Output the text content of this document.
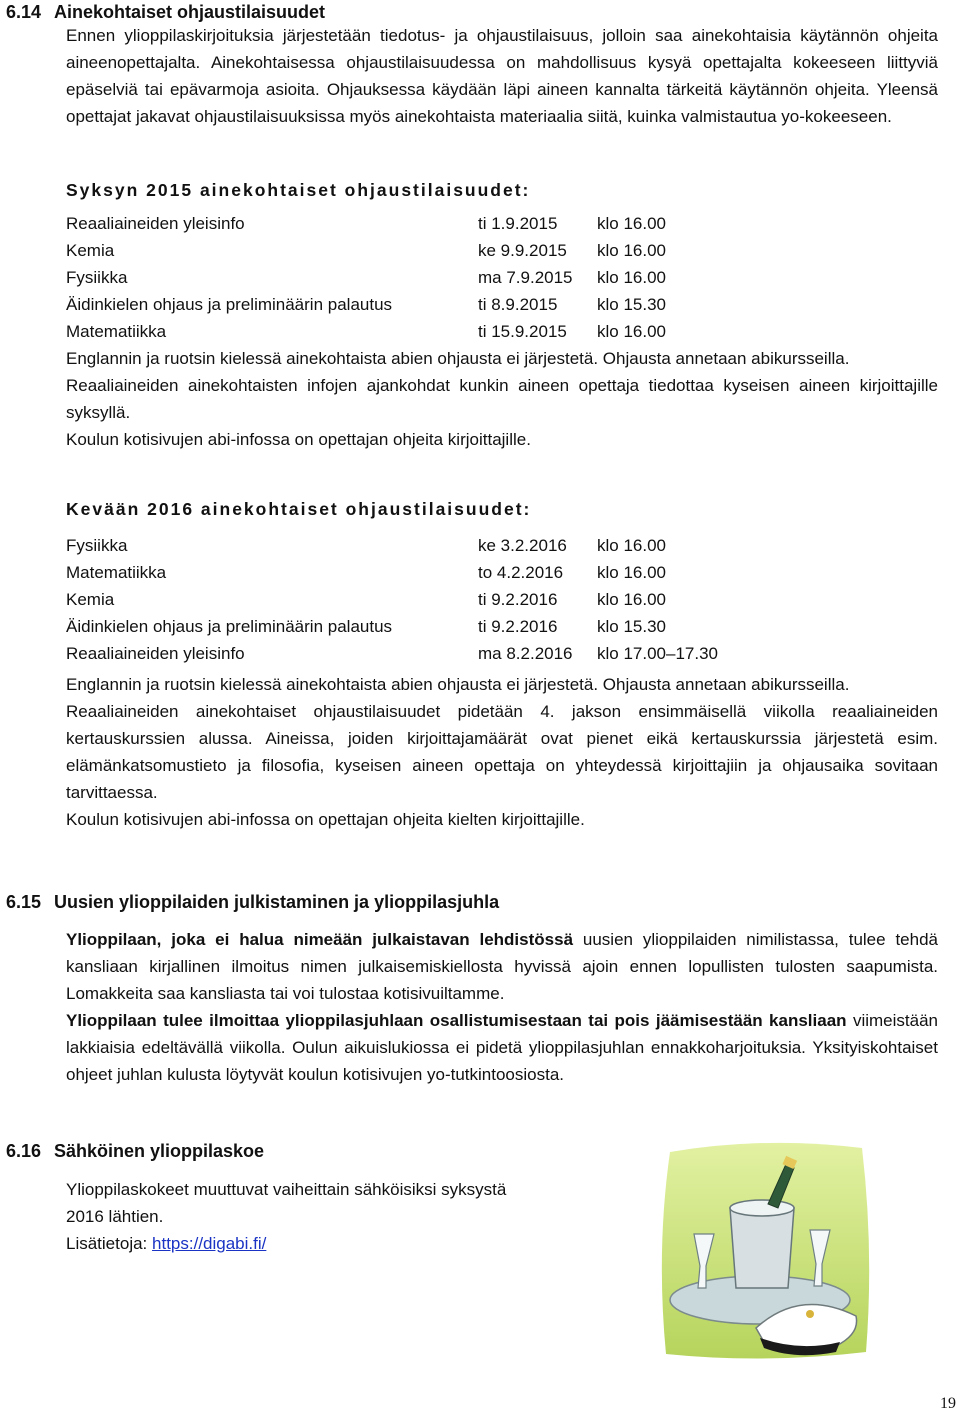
6.14 Ainekohtaiset ohjaustilaisuudet

Ennen ylioppilaskirjoituksia järjestetään tiedotus- ja ohjaustilaisuus, jolloin saa ainekohtaisia käytännön ohjeita aineenopettajalta. Ainekohtaisessa ohjaustilaisuudessa on mahdollisuus kysyä opettajalta kokeeseen liittyviä epäselviä tai epävarmoja asioita. Ohjauksessa käydään läpi aineen kannalta tärkeitä käytännön ohjeita. Yleensä opettajat jakavat ohjaustilaisuuksissa myös ainekohtaista materiaalia siitä, kuinka valmistautua yo-kokeeseen.

Syksyn 2015 ainekohtaiset ohjaustilaisuudet:
Reaaliaineiden yleisinfo	ti 1.9.2015 klo 16.00
Kemia	ke 9.9.2015 klo 16.00
Fysiikka	ma 7.9.2015 klo 16.00
Äidinkielen ohjaus ja preliminäärin palautus	ti 8.9.2015 klo 15.30
Matematiikka	ti 15.9.2015 klo 16.00

Englannin ja ruotsin kielessä ainekohtaista abien ohjausta ei järjestetä. Ohjausta annetaan abikursseilla.

Reaaliaineiden ainekohtaisten infojen ajankohdat kunkin aineen opettaja tiedottaa kyseisen aineen kirjoittajille syksyllä.

Koulun kotisivujen abi-infossa on opettajan ohjeita kirjoittajille.

Kevään 2016 ainekohtaiset ohjaustilaisuudet:
Fysiikka	ke 3.2.2016 klo 16.00
Matematiikka	to 4.2.2016 klo 16.00
Kemia	ti 9.2.2016 klo 16.00
Äidinkielen ohjaus ja preliminäärin palautus	ti 9.2.2016 klo 15.30
Reaaliaineiden yleisinfo	ma 8.2.2016 klo 17.00–17.30

Englannin ja ruotsin kielessä ainekohtaista abien ohjausta ei järjestetä. Ohjausta annetaan abikursseilla.

Reaaliaineiden ainekohtaiset ohjaustilaisuudet pidetään 4. jakson ensimmäisellä viikolla reaaliaineiden kertauskurssien alussa. Aineissa, joiden kirjoittajamäärät ovat pienet eikä kertauskurssia järjestetä esim. elämänkatsomustieto ja filosofia, kyseisen aineen opettaja on yhteydessä kirjoittajiin ja ohjausaika sovitaan tarvittaessa.

Koulun kotisivujen abi-infossa on opettajan ohjeita kielten kirjoittajille.

6.15 Uusien ylioppilaiden julkistaminen ja ylioppilasjuhla

Ylioppilaan, joka ei halua nimeään julkaistavan lehdistössä uusien ylioppilaiden nimilistassa, tulee tehdä kansliaan kirjallinen ilmoitus nimen julkaisemiskiellosta hyvissä ajoin ennen lopullisten tulosten saapumista. Lomakkeita saa kansliasta tai voi tulostaa kotisivuiltamme.

Ylioppilaan tulee ilmoittaa ylioppilasjuhlaan osallistumisestaan tai pois jäämisestään kansliaan viimeistään lakkiaisia edeltävällä viikolla. Oulun aikuislukiossa ei pidetä ylioppilasjuhlan ennakkoharjoituksia. Yksityiskohtaiset ohjeet juhlan kulusta löytyvät koulun kotisivujen yo-tutkintoosiosta.

6.16 Sähköinen ylioppilaskoe

Ylioppilaskokeet muuttuvat vaiheittain sähköisiksi syksystä

2016 lähtien.

Lisätietoja: https://digabi.fi/

19
